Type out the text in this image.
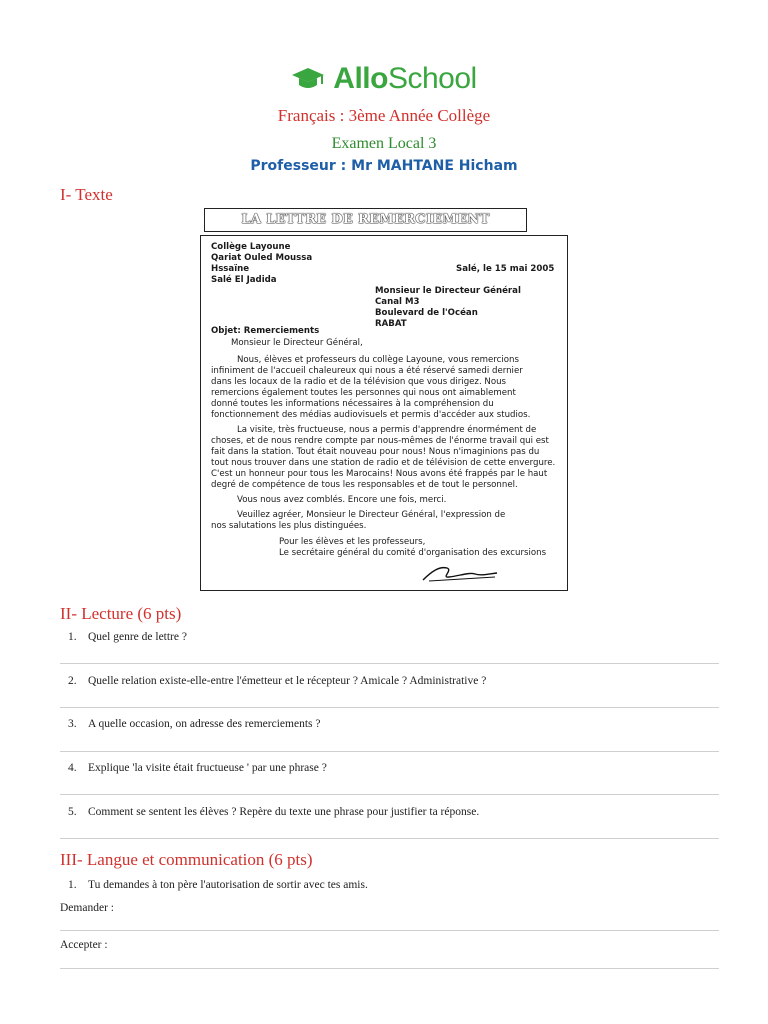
AlloSchool
Français : 3ème Année Collège
Examen Local 3
Professeur : Mr MAHTANE Hicham
I- Texte
LA LETTRE DE REMERCIEMENT
Collège Layoune
Qariat Ouled Moussa
Hssaïne
Salé El Jadida
Salé, le 15 mai 2005
Monsieur le Directeur Général
Canal M3
Boulevard de l'Océan
RABAT
Objet: Remerciements
Monsieur le Directeur Général,
Nous, élèves et professeurs du collège Layoune, vous remercions
infiniment de l'accueil chaleureux qui nous a été réservé samedi dernier
dans les locaux de la radio et de la télévision que vous dirigez. Nous
remercions également toutes les personnes qui nous ont aimablement
donné toutes les informations nécessaires à la compréhension du
fonctionnement des médias audiovisuels et permis d'accéder aux studios.
La visite, très fructueuse, nous a permis d'apprendre énormément de
choses, et de nous rendre compte par nous-mêmes de l'énorme travail qui est
fait dans la station. Tout était nouveau pour nous! Nous n'imaginions pas du
tout nous trouver dans une station de radio et de télévision de cette envergure.
C'est un honneur pour tous les Marocains! Nous avons été frappés par le haut
degré de compétence de tous les responsables et de tout le personnel.
Vous nous avez comblés. Encore une fois, merci.
Veuillez agréer, Monsieur le Directeur Général, l'expression de
nos salutations les plus distinguées.
Pour les élèves et les professeurs,
Le secrétaire général du comité d'organisation des excursions
II- Lecture (6 pts)
1. Quel genre de lettre ?
2. Quelle relation existe-elle-entre l'émetteur et le récepteur ? Amicale ? Administrative ?
3. A quelle occasion, on adresse des remerciements ?
4. Explique 'la visite était fructueuse ' par une phrase ?
5. Comment se sentent les élèves ? Repère du texte une phrase pour justifier ta réponse.
III- Langue et communication (6 pts)
1. Tu demandes à ton père l'autorisation de sortir avec tes amis.
Demander :
Accepter :
